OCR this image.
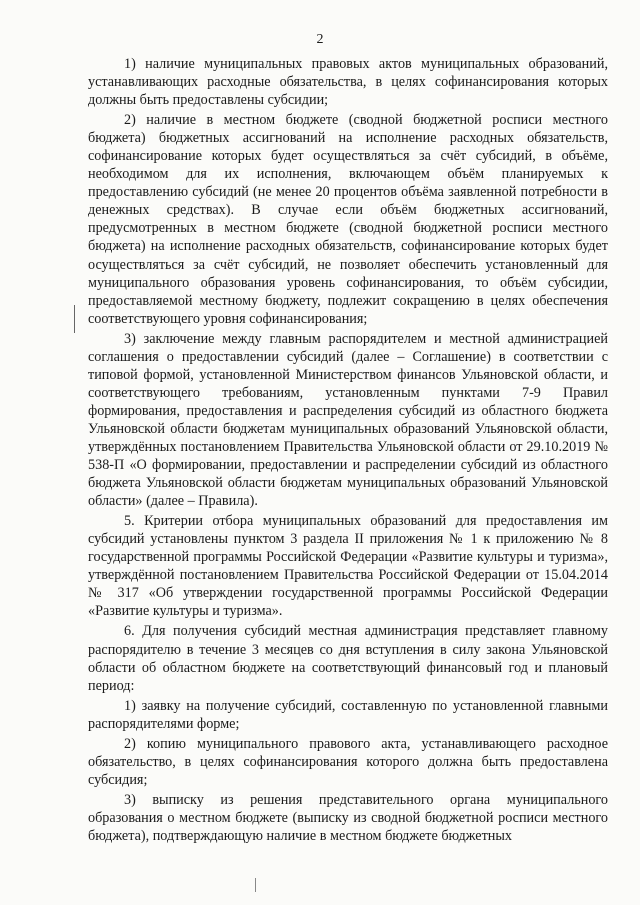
2

1) наличие муниципальных правовых актов муниципальных образований, устанавливающих расходные обязательства, в целях софинансирования которых должны быть предоставлены субсидии;

2) наличие в местном бюджете (сводной бюджетной росписи местного бюджета) бюджетных ассигнований на исполнение расходных обязательств, софинансирование которых будет осуществляться за счёт субсидий, в объёме, необходимом для их исполнения, включающем объём планируемых к предоставлению субсидий (не менее 20 процентов объёма заявленной потребности в денежных средствах). В случае если объём бюджетных ассигнований, предусмотренных в местном бюджете (сводной бюджетной росписи местного бюджета) на исполнение расходных обязательств, софинансирование которых будет осуществляться за счёт субсидий, не позволяет обеспечить установленный для муниципального образования уровень софинансирования, то объём субсидии, предоставляемой местному бюджету, подлежит сокращению в целях обеспечения соответствующего уровня софинансирования;

3) заключение между главным распорядителем и местной администрацией соглашения о предоставлении субсидий (далее – Соглашение) в соответствии с типовой формой, установленной Министерством финансов Ульяновской области, и соответствующего требованиям, установленным пунктами 7-9 Правил формирования, предоставления и распределения субсидий из областного бюджета Ульяновской области бюджетам муниципальных образований Ульяновской области, утверждённых постановлением Правительства Ульяновской области от 29.10.2019 № 538-П «О формировании, предоставлении и распределении субсидий из областного бюджета Ульяновской области бюджетам муниципальных образований Ульяновской области» (далее – Правила).

5. Критерии отбора муниципальных образований для предоставления им субсидий установлены пунктом 3 раздела II приложения № 1 к приложению № 8 государственной программы Российской Федерации «Развитие культуры и туризма», утверждённой постановлением Правительства Российской Федерации от 15.04.2014 № 317 «Об утверждении государственной программы Российской Федерации «Развитие культуры и туризма».

6. Для получения субсидий местная администрация представляет главному распорядителю в течение 3 месяцев со дня вступления в силу закона Ульяновской области об областном бюджете на соответствующий финансовый год и плановый период:

1) заявку на получение субсидий, составленную по установленной главными распорядителями форме;

2) копию муниципального правового акта, устанавливающего расходное обязательство, в целях софинансирования которого должна быть предоставлена субсидия;

3) выписку из решения представительного органа муниципального образования о местном бюджете (выписку из сводной бюджетной росписи местного бюджета), подтверждающую наличие в местном бюджете бюджетных
